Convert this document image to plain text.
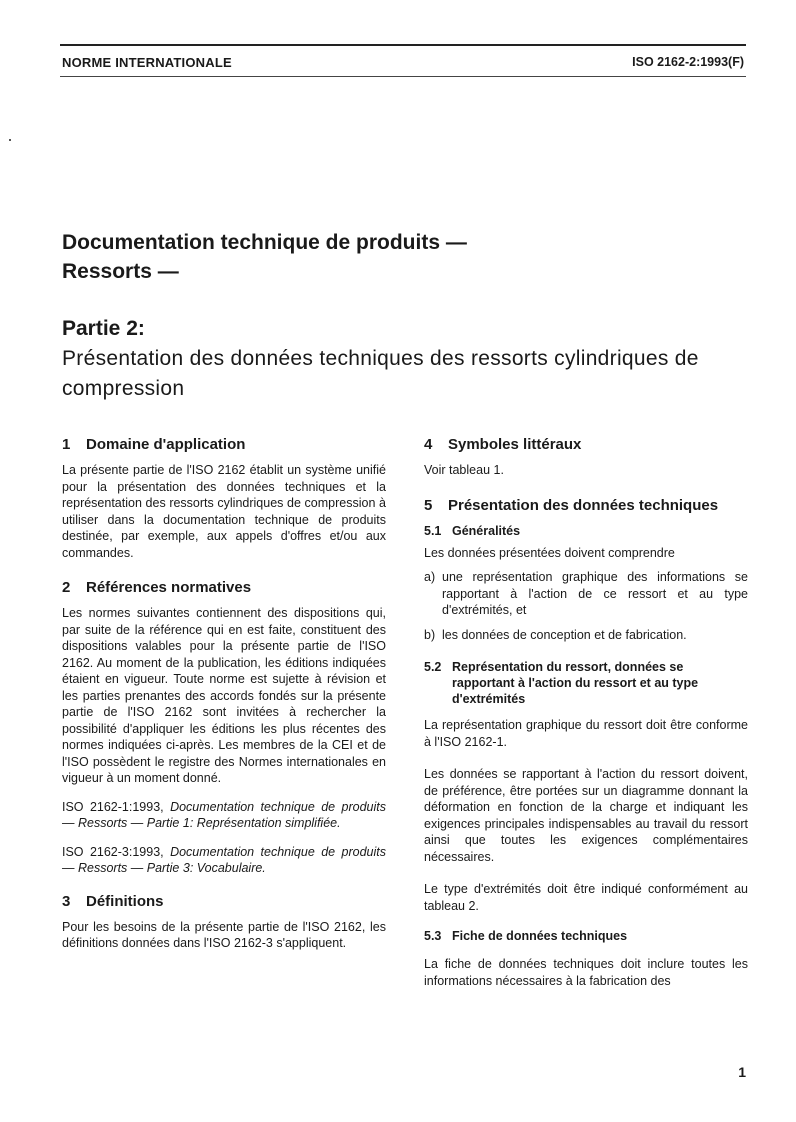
NORME INTERNATIONALE	ISO 2162-2:1993(F)
Documentation technique de produits —
Ressorts —
Partie 2:
Présentation des données techniques des ressorts cylindriques de compression
1 Domaine d'application

La présente partie de l'ISO 2162 établit un système unifié pour la présentation des données techniques et la représentation des ressorts cylindriques de compression à utiliser dans la documentation technique de produits destinée, par exemple, aux appels d'offres et/ou aux commandes.

2 Références normatives

Les normes suivantes contiennent des dispositions qui, par suite de la référence qui en est faite, constituent des dispositions valables pour la présente partie de l'ISO 2162. Au moment de la publication, les éditions indiquées étaient en vigueur. Toute norme est sujette à révision et les parties prenantes des accords fondés sur la présente partie de l'ISO 2162 sont invitées à rechercher la possibilité d'appliquer les éditions les plus récentes des normes indiquées ci-après. Les membres de la CEI et de l'ISO possèdent le registre des Normes internationales en vigueur à un moment donné.

ISO 2162-1:1993, Documentation technique de produits — Ressorts — Partie 1: Représentation simplifiée.

ISO 2162-3:1993, Documentation technique de produits — Ressorts — Partie 3: Vocabulaire.

3 Définitions

Pour les besoins de la présente partie de l'ISO 2162, les définitions données dans l'ISO 2162-3 s'appliquent.

4 Symboles littéraux

Voir tableau 1.

5 Présentation des données techniques
5.1 Généralités

Les données présentées doivent comprendre

a) une représentation graphique des informations se rapportant à l'action de ce ressort et au type d'extrémités, et
b) les données de conception et de fabrication.
5.2 Représentation du ressort, données se rapportant à l'action du ressort et au type d'extrémités

La représentation graphique du ressort doit être conforme à l'ISO 2162-1.

Les données se rapportant à l'action du ressort doivent, de préférence, être portées sur un diagramme donnant la déformation en fonction de la charge et indiquant les exigences principales indispensables au travail du ressort ainsi que toutes les exigences complémentaires nécessaires.

Le type d'extrémités doit être indiqué conformément au tableau 2.

5.3 Fiche de données techniques

La fiche de données techniques doit inclure toutes les informations nécessaires à la fabrication des

1
